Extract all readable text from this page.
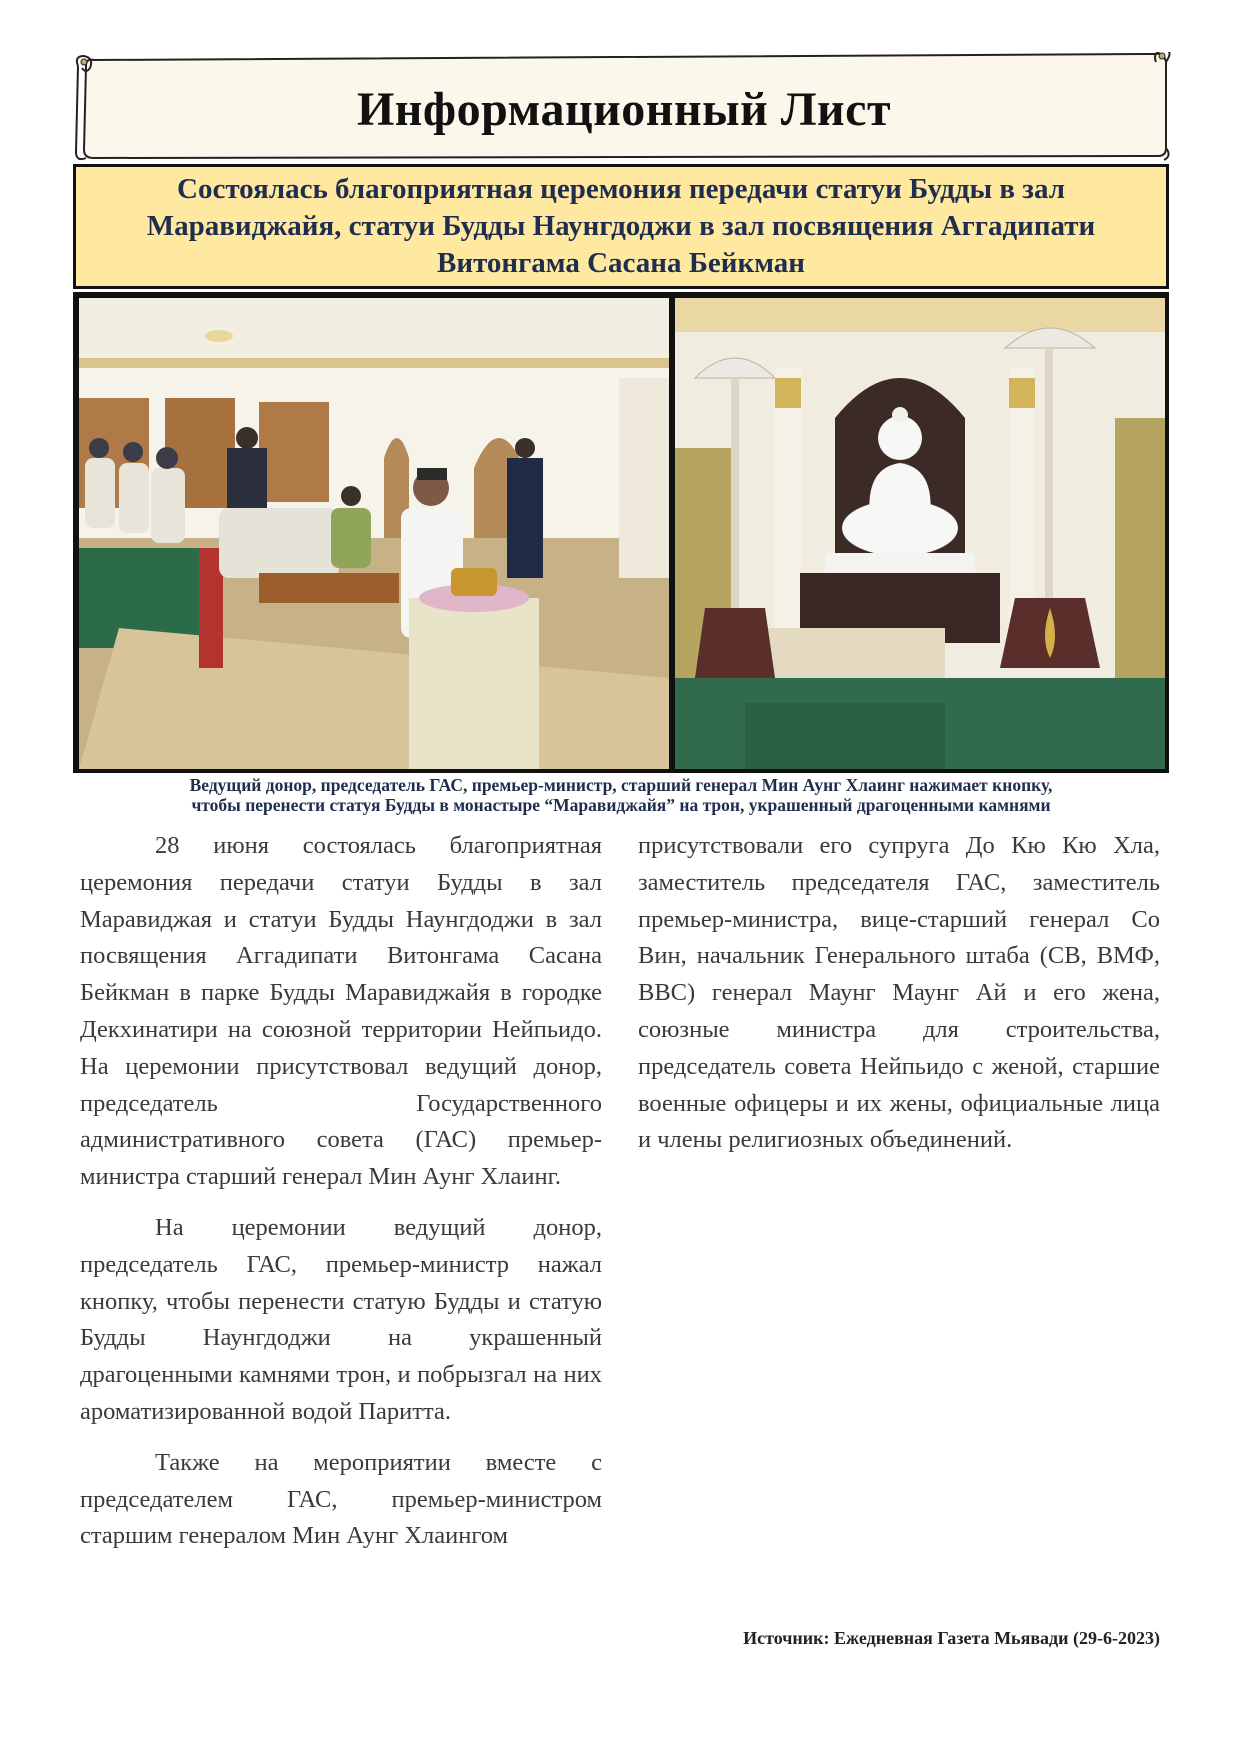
Информационный Лист
Состоялась благоприятная церемония передачи статуи Будды в зал Маравиджайя, статуи Будды Наунгдоджи в зал посвящения Аггадипати Витонгама Сасана Бейкман
Ведущий донор, председатель ГАС, премьер-министр, старший генерал Мин Аунг Хлаинг нажимает кнопку,
чтобы перенести статуя Будды в монастыре “Маравиджайя” на трон, украшенный драгоценными камнями

28 июня состоялась благоприятная церемония передачи статуи Будды в зал Маравиджая и статуи Будды Наунгдоджи в зал посвящения Аггадипати Витонгама Сасана Бейкман в парке Будды Маравиджайя в городке Декхинатири на союзной территории Нейпьидо. На церемонии присутствовал ведущий донор, председатель Государственного административного совета (ГАС) премьер-министра старший генерал Мин Аунг Хлаинг.

На церемонии ведущий донор, председатель ГАС, премьер-министр нажал кнопку, чтобы перенести статую Будды и статую Будды Наунгдоджи на украшенный драгоценными камнями трон, и побрызгал на них ароматизированной водой Паритта.

Также на мероприятии вместе с председателем ГАС, премьер-министром старшим генералом Мин Аунг Хлаингом

присутствовали его супруга До Кю Кю Хла, заместитель председателя ГАС, заместитель премьер-министра, вице-старший генерал Со Вин, начальник Генерального штаба (СВ, ВМФ, ВВС) генерал Маунг Маунг Ай и его жена, союзные министра для строительства, председатель совета Нейпьидо с женой, старшие военные офицеры и их жены, официальные лица и члены религиозных объединений.

Источник: Ежедневная Газета Мьявади (29-6-2023)
